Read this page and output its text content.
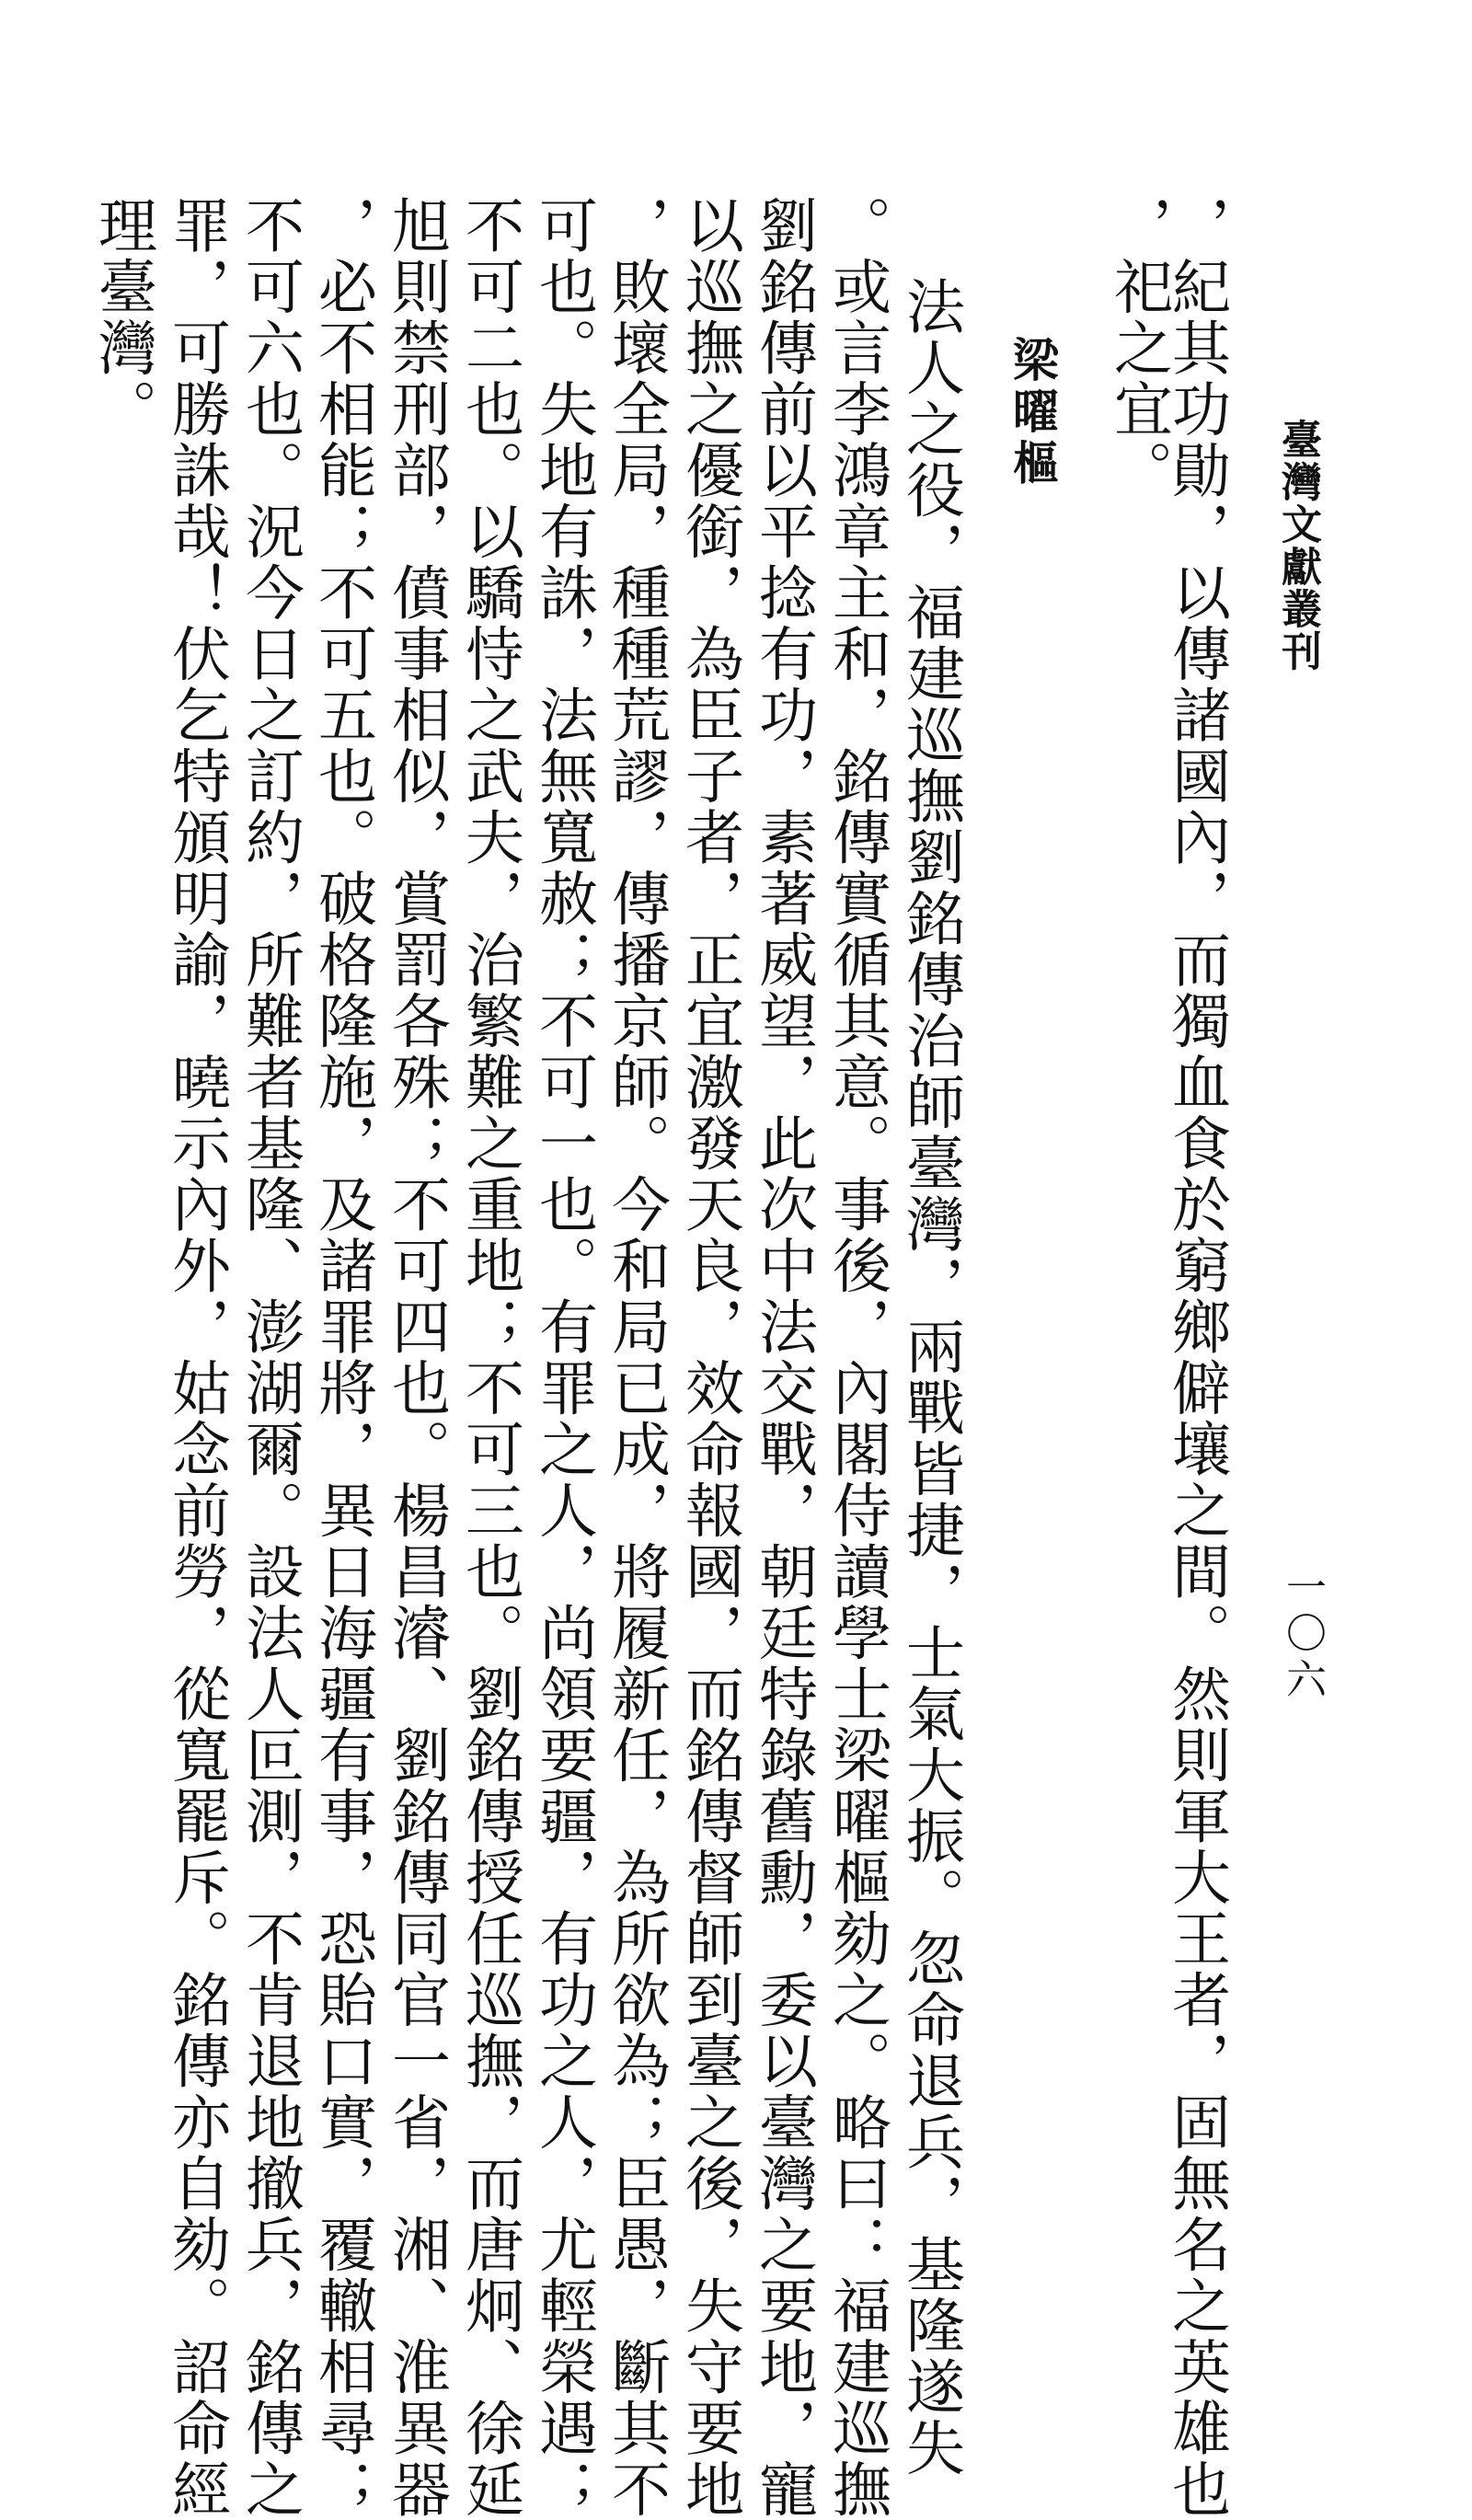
臺灣文獻叢刊
一〇六
，紀其功勛，以傳諸國內，而獨血食於窮鄉僻壤之間。然則軍大王者，固無名之英雄也
，祀之宜。
梁曜樞
法人之役，福建巡撫劉銘傳治師臺灣，兩戰皆捷，士氣大振。忽命退兵，基隆遂失
。或言李鴻章主和，銘傳實循其意。事後，內閣侍讀學士梁曜樞劾之。略曰：福建巡撫
劉銘傳前以平捻有功，素著威望，此次中法交戰，朝廷特錄舊勳，委以臺灣之要地，寵
以巡撫之優銜，為臣子者，正宜激發天良，效命報國，而銘傳督師到臺之後，失守要地
，敗壞全局，種種荒謬，傳播京師。今和局已成，將履新任，為所欲為；臣愚，斷其不
可也。失地有誅，法無寬赦；不可一也。有罪之人，尚領要疆，有功之人，尤輕榮遇；
不可二也。以驕恃之武夫，治繁難之重地；不可三也。劉銘傳授任巡撫，而唐炯、徐延
旭則禁刑部，僨事相似，賞罰各殊；不可四也。楊昌濬、劉銘傳同官一省，湘、淮異器
，必不相能；不可五也。破格隆施，及諸罪將，異日海疆有事，恐貽口實，覆轍相尋；
不可六也。況今日之訂約，所難者基隆、澎湖爾。設法人叵測，不肯退地撤兵，銘傳之
罪，可勝誅哉！伏乞特頒明諭，曉示內外，姑念前勞，從寬罷斥。銘傳亦自劾。詔命經
理臺灣。
